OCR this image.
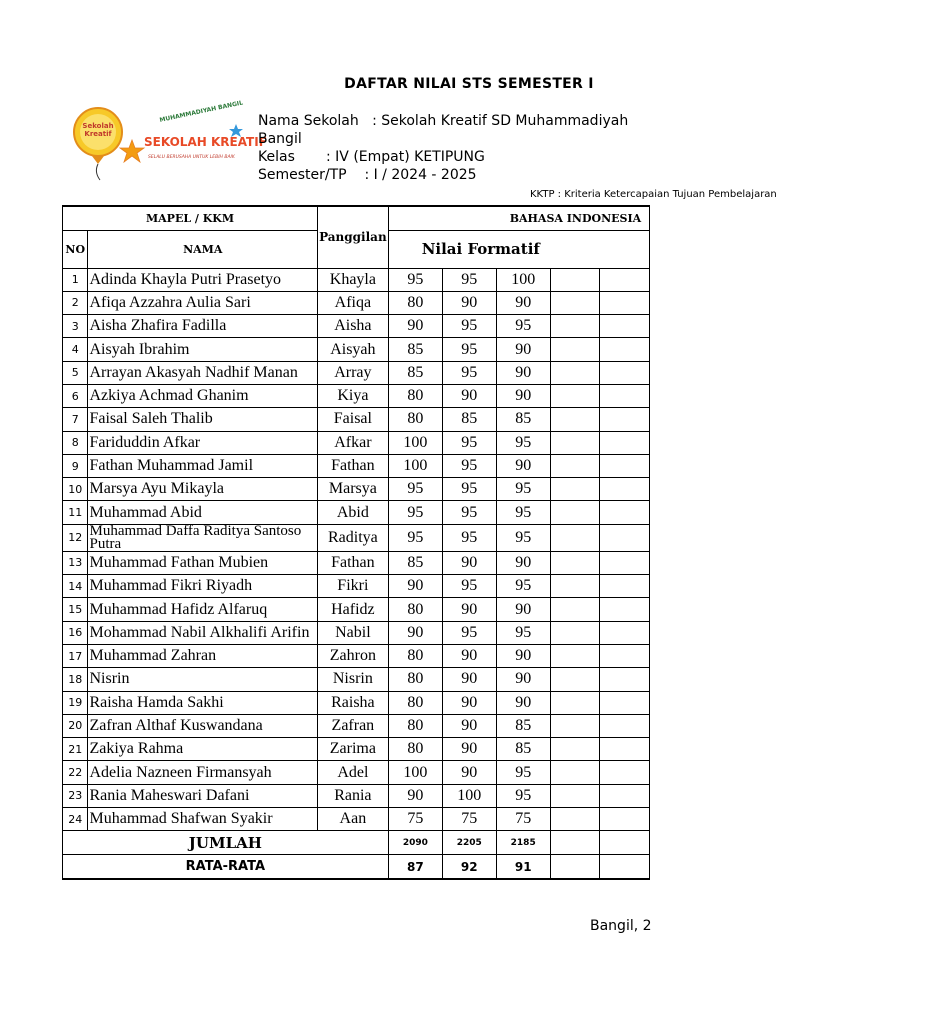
DAFTAR NILAI STS SEMESTER I
Sekolah
Kreatif
MUHAMMADIYAH BANGIL
SEKOLAH KREATIF
SELALU BERUSAHA UNTUK LEBIH BAIK
Nama Sekolah : Sekolah Kreatif SD Muhammadiyah
Bangil
Kelas : IV (Empat) KETIPUNG
Semester/TP : I / 2024 - 2025
KKTP : Kriteria Ketercapaian Tujuan Pembelajaran
MAPEL / KKM		Panggilan	BAHASA INDONESIA				
NO	NAMA		Nilai Formatif				
1	Adinda Khayla Putri Prasetyo	Khayla	95	95	100		
2	Afiqa Azzahra Aulia Sari	Afiqa	80	90	90		
3	Aisha Zhafira Fadilla	Aisha	90	95	95		
4	Aisyah Ibrahim	Aisyah	85	95	90		
5	Arrayan Akasyah Nadhif Manan	Array	85	95	90		
6	Azkiya Achmad Ghanim	Kiya	80	90	90		
7	Faisal Saleh Thalib	Faisal	80	85	85		
8	Fariduddin Afkar	Afkar	100	95	95		
9	Fathan Muhammad Jamil	Fathan	100	95	90		
10	Marsya Ayu Mikayla	Marsya	95	95	95		
11	Muhammad Abid	Abid	95	95	95		
12	Muhammad Daffa Raditya Santoso Putra	Raditya	95	95	95		
13	Muhammad Fathan Mubien	Fathan	85	90	90		
14	Muhammad Fikri Riyadh	Fikri	90	95	95		
15	Muhammad Hafidz Alfaruq	Hafidz	80	90	90		
16	Mohammad Nabil Alkhalifi Arifin	Nabil	90	95	95		
17	Muhammad Zahran	Zahron	80	90	90		
18	Nisrin	Nisrin	80	90	90		
19	Raisha Hamda Sakhi	Raisha	80	90	90		
20	Zafran Althaf Kuswandana	Zafran	80	90	85		
21	Zakiya Rahma	Zarima	80	90	85		
22	Adelia Nazneen Firmansyah	Adel	100	90	95		
23	Rania Maheswari Dafani	Rania	90	100	95		
24	Muhammad Shafwan Syakir	Aan	75	75	75		
JUMLAH			2090	2205	2185		
RATA-RATA			87	92	91		
Bangil, 2
